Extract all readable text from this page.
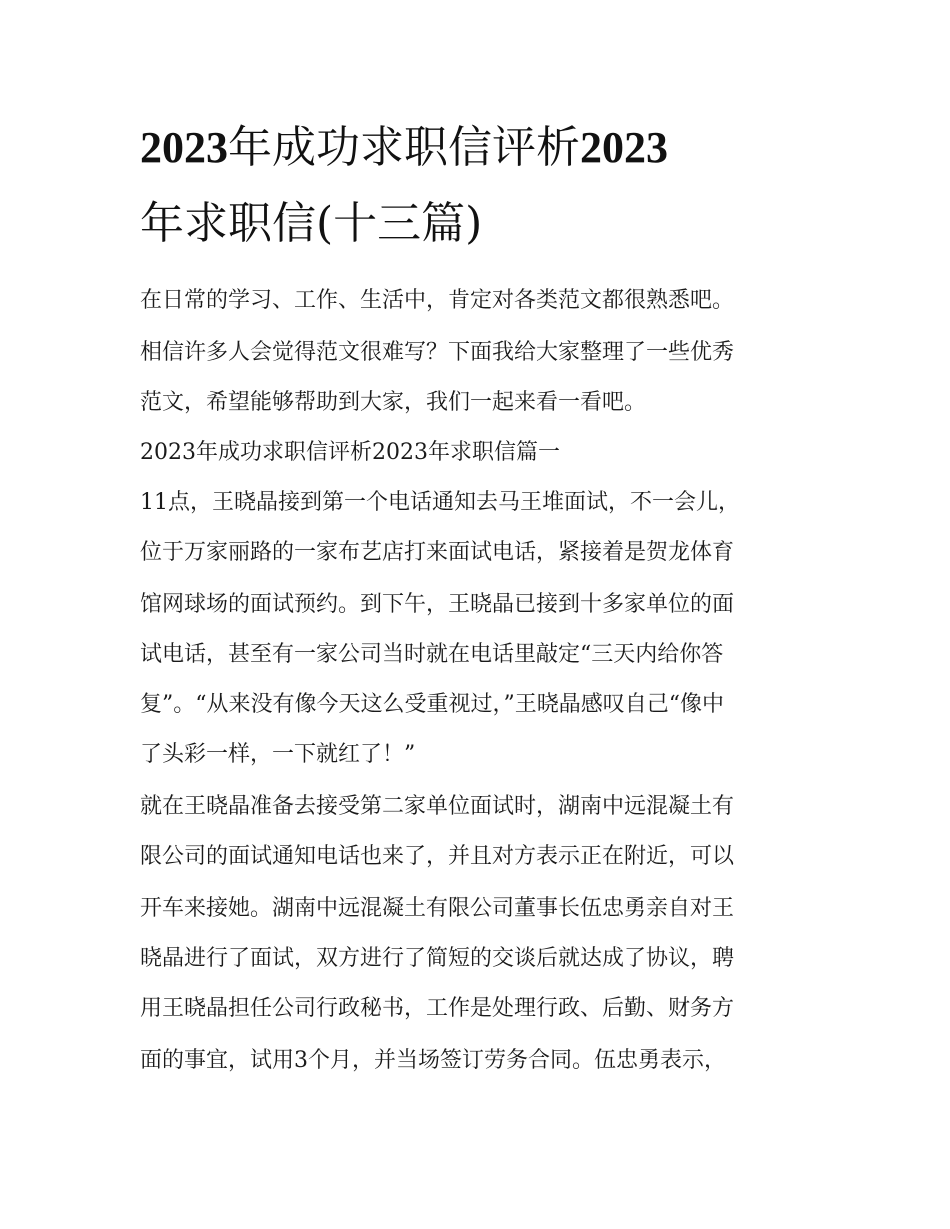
2023年成功求职信评析2023
年求职信(十三篇)
在日常的学习、工作、生活中，肯定对各类范文都很熟悉吧。
相信许多人会觉得范文很难写？下面我给大家整理了一些优秀
范文，希望能够帮助到大家，我们一起来看一看吧。
2023年成功求职信评析2023年求职信篇一
11点，王晓晶接到第一个电话通知去马王堆面试，不一会儿，
位于万家丽路的一家布艺店打来面试电话，紧接着是贺龙体育
馆网球场的面试预约。到下午，王晓晶已接到十多家单位的面
试电话，甚至有一家公司当时就在电话里敲定“三天内给你答
复”。“从来没有像今天这么受重视过，”王晓晶感叹自己“像中
了头彩一样，一下就红了！”
就在王晓晶准备去接受第二家单位面试时，湖南中远混凝土有
限公司的面试通知电话也来了，并且对方表示正在附近，可以
开车来接她。湖南中远混凝土有限公司董事长伍忠勇亲自对王
晓晶进行了面试，双方进行了简短的交谈后就达成了协议，聘
用王晓晶担任公司行政秘书，工作是处理行政、后勤、财务方
面的事宜，试用3个月，并当场签订劳务合同。伍忠勇表示，
